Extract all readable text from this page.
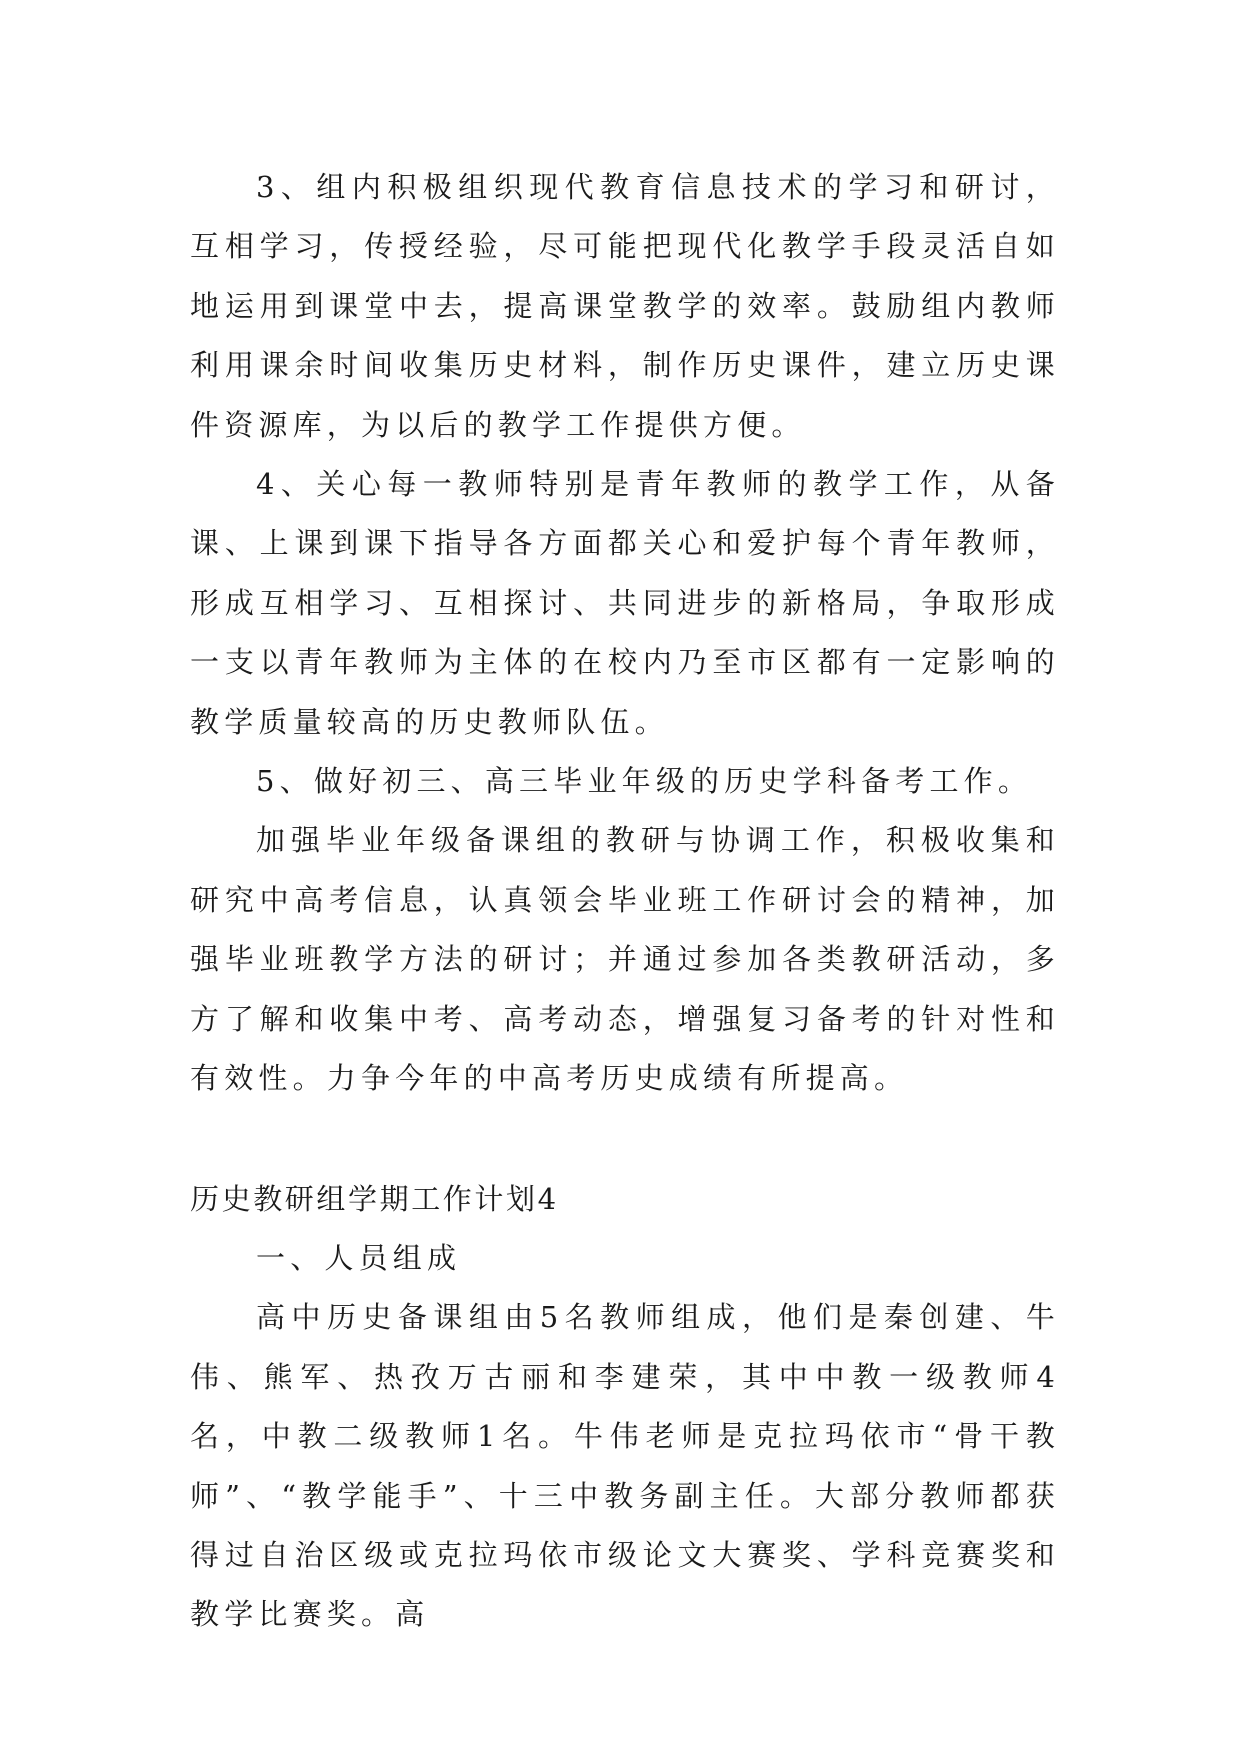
3、组内积极组织现代教育信息技术的学习和研讨，互相学习，传授经验，尽可能把现代化教学手段灵活自如地运用到课堂中去，提高课堂教学的效率。鼓励组内教师利用课余时间收集历史材料，制作历史课件，建立历史课件资源库，为以后的教学工作提供方便。

4、关心每一教师特别是青年教师的教学工作，从备课、上课到课下指导各方面都关心和爱护每个青年教师，形成互相学习、互相探讨、共同进步的新格局，争取形成一支以青年教师为主体的在校内乃至市区都有一定影响的教学质量较高的历史教师队伍。

5、做好初三、高三毕业年级的历史学科备考工作。

加强毕业年级备课组的教研与协调工作，积极收集和研究中高考信息，认真领会毕业班工作研讨会的精神，加强毕业班教学方法的研讨；并通过参加各类教研活动，多方了解和收集中考、高考动态，增强复习备考的针对性和有效性。力争今年的中高考历史成绩有所提高。

历史教研组学期工作计划4

一、人员组成

高中历史备课组由5名教师组成，他们是秦创建、牛伟、熊军、热孜万古丽和李建荣，其中中教一级教师4名，中教二级教师1名。牛伟老师是克拉玛依市“骨干教师”、“教学能手”、十三中教务副主任。大部分教师都获得过自治区级或克拉玛依市级论文大赛奖、学科竞赛奖和教学比赛奖。高
